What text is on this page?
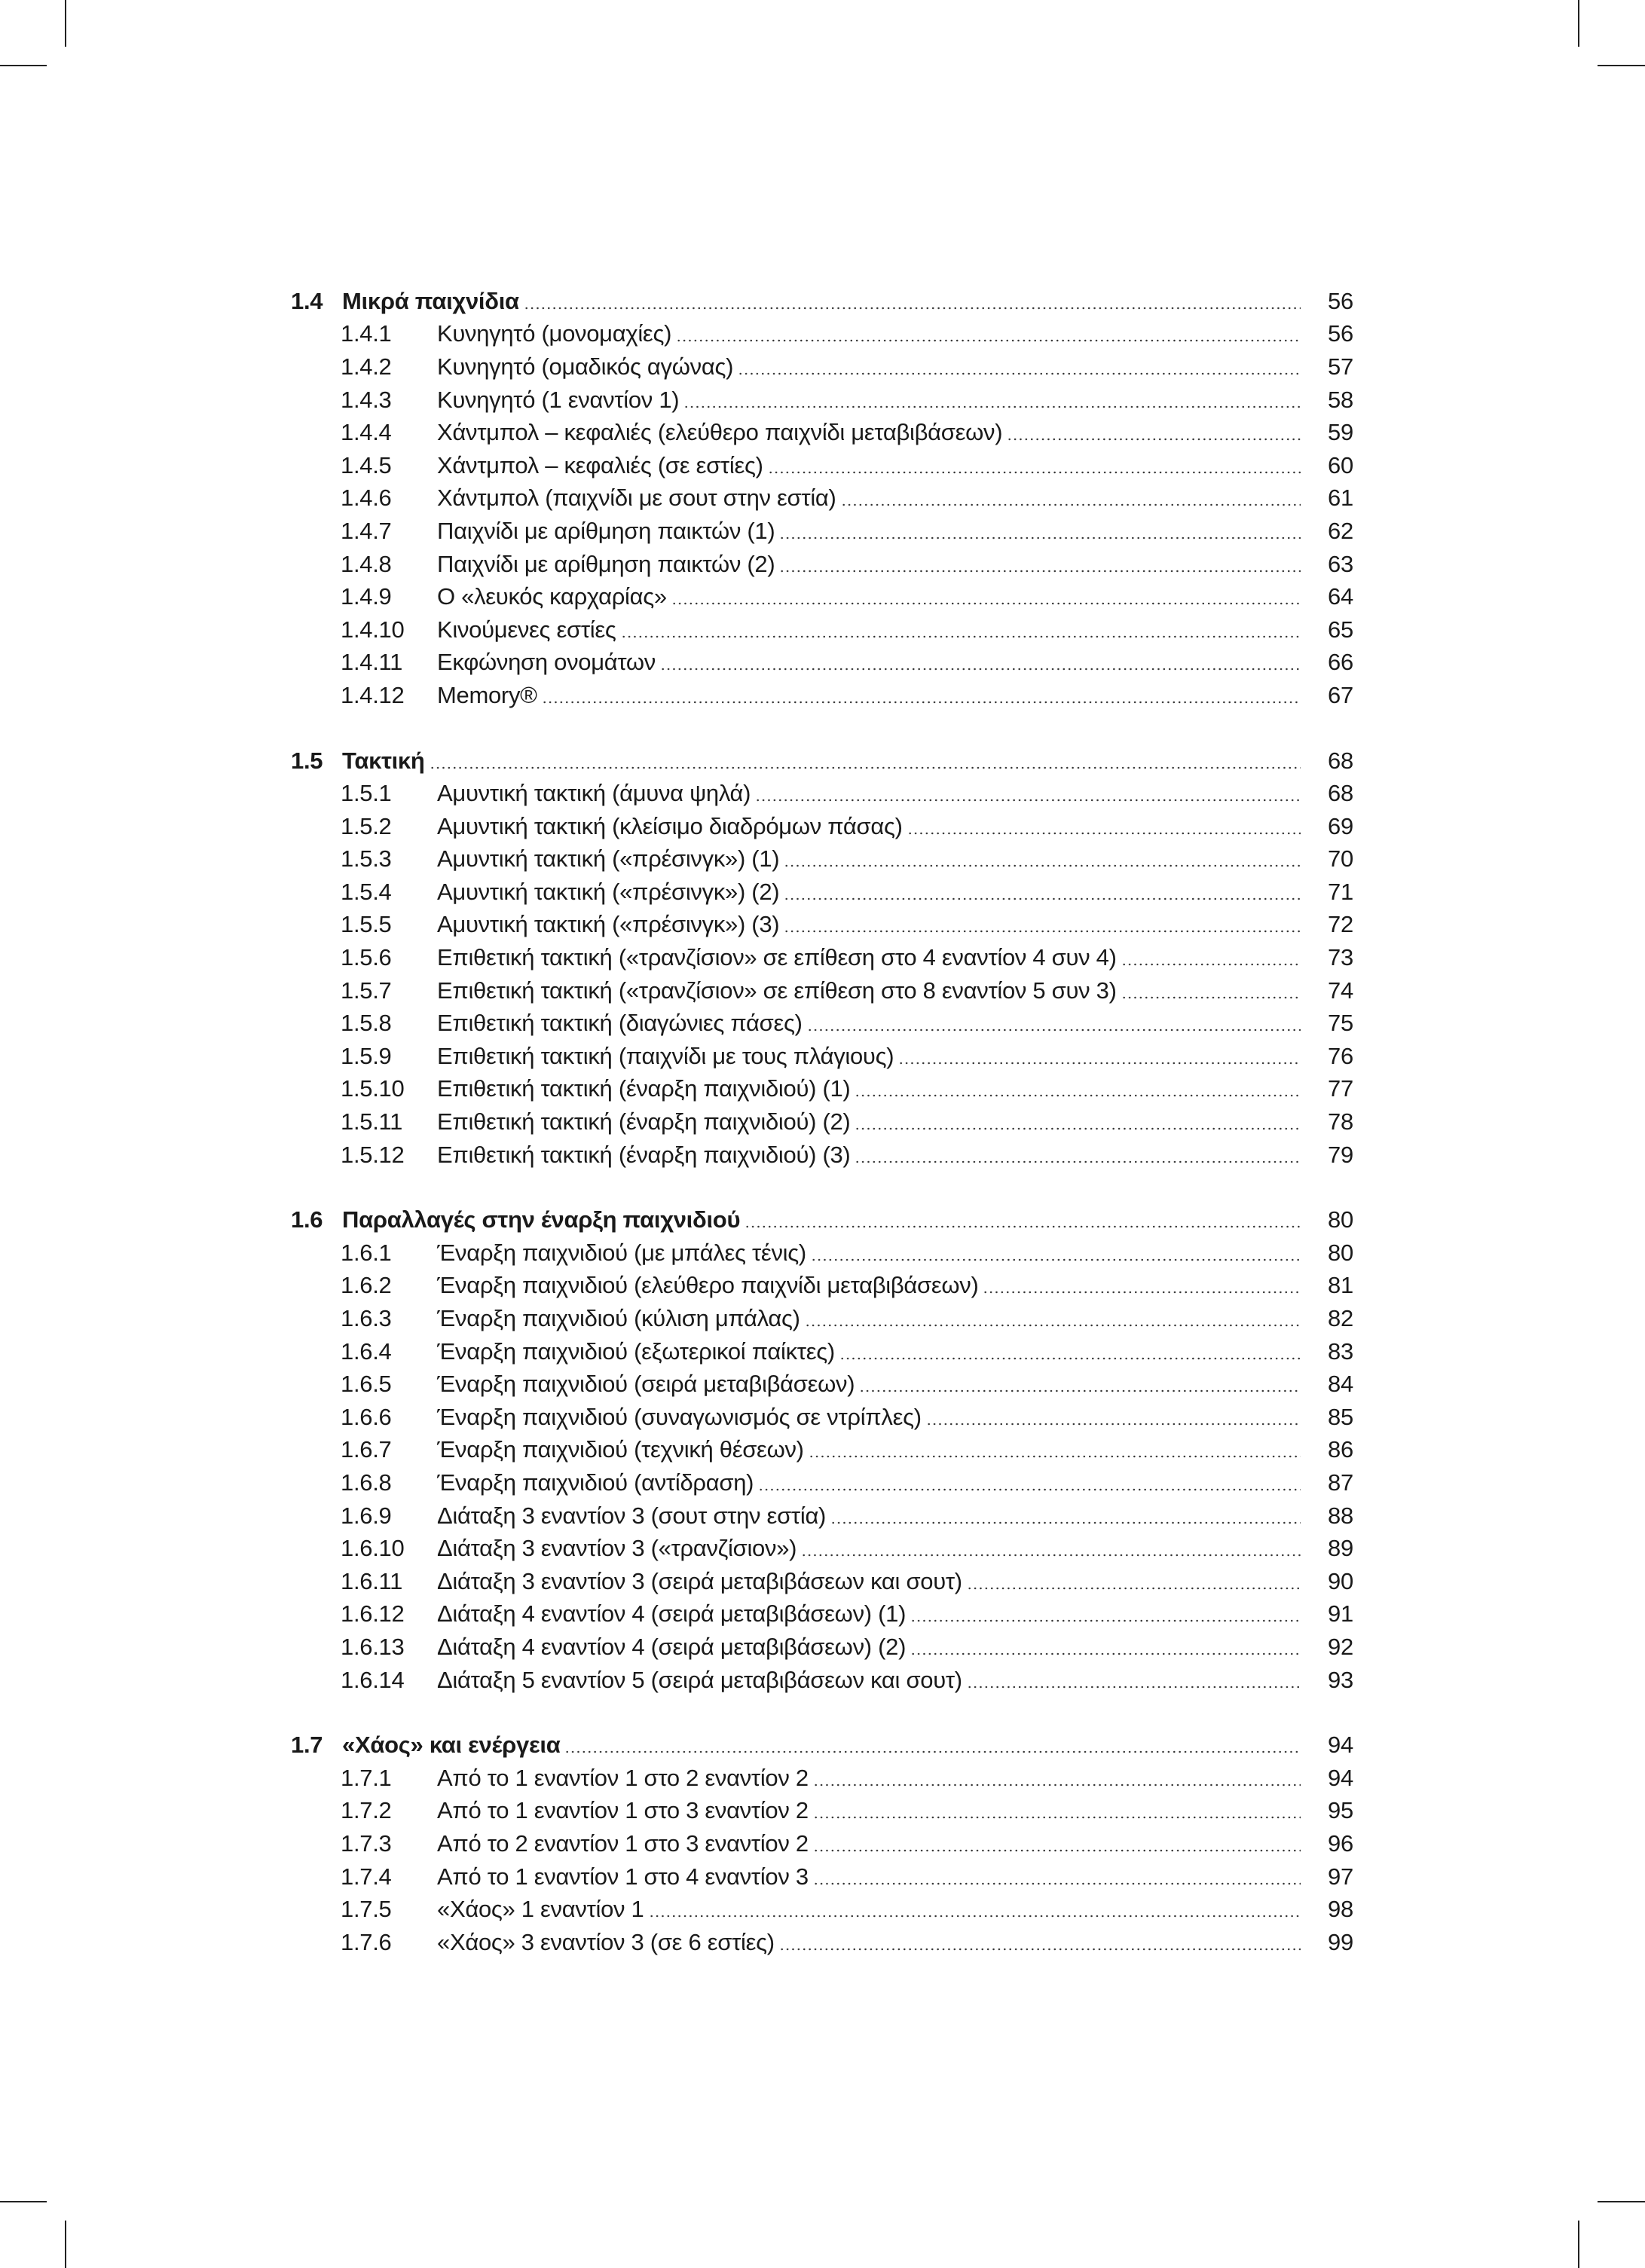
1.4 Μικρά παιχνίδια	56
1.4.1	Κυνηγητό (μονομαχίες)	56
1.4.2	Κυνηγητό (ομαδικός αγώνας)	57
1.4.3	Κυνηγητό (1 εναντίον 1)	58
1.4.4	Χάντμπολ – κεφαλιές (ελεύθερο παιχνίδι μεταβιβάσεων)	59
1.4.5	Χάντμπολ – κεφαλιές (σε εστίες)	60
1.4.6	Χάντμπολ (παιχνίδι με σουτ στην εστία)	61
1.4.7	Παιχνίδι με αρίθμηση παικτών (1)	62
1.4.8	Παιχνίδι με αρίθμηση παικτών (2)	63
1.4.9	Ο «λευκός καρχαρίας»	64
1.4.10	Κινούμενες εστίες	65
1.4.11	Εκφώνηση ονομάτων	66
1.4.12	Memory®	67
1.5 Τακτική	68
1.5.1	Αμυντική τακτική (άμυνα ψηλά)	68
1.5.2	Αμυντική τακτική (κλείσιμο διαδρόμων πάσας)	69
1.5.3	Αμυντική τακτική («πρέσινγκ») (1)	70
1.5.4	Αμυντική τακτική («πρέσινγκ») (2)	71
1.5.5	Αμυντική τακτική («πρέσινγκ») (3)	72
1.5.6	Επιθετική τακτική («τρανζίσιον» σε επίθεση στο 4 εναντίον 4 συν 4)	73
1.5.7	Επιθετική τακτική («τρανζίσιον» σε επίθεση στο 8 εναντίον 5 συν 3)	74
1.5.8	Επιθετική τακτική (διαγώνιες πάσες)	75
1.5.9	Επιθετική τακτική (παιχνίδι με τους πλάγιους)	76
1.5.10	Επιθετική τακτική (έναρξη παιχνιδιού) (1)	77
1.5.11	Επιθετική τακτική (έναρξη παιχνιδιού) (2)	78
1.5.12	Επιθετική τακτική (έναρξη παιχνιδιού) (3)	79
1.6 Παραλλαγές στην έναρξη παιχνιδιού	80
1.6.1	Έναρξη παιχνιδιού (με μπάλες τένις)	80
1.6.2	Έναρξη παιχνιδιού (ελεύθερο παιχνίδι μεταβιβάσεων)	81
1.6.3	Έναρξη παιχνιδιού (κύλιση μπάλας)	82
1.6.4	Έναρξη παιχνιδιού (εξωτερικοί παίκτες)	83
1.6.5	Έναρξη παιχνιδιού (σειρά μεταβιβάσεων)	84
1.6.6	Έναρξη παιχνιδιού (συναγωνισμός σε ντρίπλες)	85
1.6.7	Έναρξη παιχνιδιού (τεχνική θέσεων)	86
1.6.8	Έναρξη παιχνιδιού (αντίδραση)	87
1.6.9	Διάταξη 3 εναντίον 3 (σουτ στην εστία)	88
1.6.10	Διάταξη 3 εναντίον 3 («τρανζίσιον»)	89
1.6.11	Διάταξη 3 εναντίον 3 (σειρά μεταβιβάσεων και σουτ)	90
1.6.12	Διάταξη 4 εναντίον 4 (σειρά μεταβιβάσεων) (1)	91
1.6.13	Διάταξη 4 εναντίον 4 (σειρά μεταβιβάσεων) (2)	92
1.6.14	Διάταξη 5 εναντίον 5 (σειρά μεταβιβάσεων και σουτ)	93
1.7 «Χάος» και ενέργεια	94
1.7.1	Από το 1 εναντίον 1 στο 2 εναντίον 2	94
1.7.2	Από το 1 εναντίον 1 στο 3 εναντίον 2	95
1.7.3	Από το 2 εναντίον 1 στο 3 εναντίον 2	96
1.7.4	Από το 1 εναντίον 1 στο 4 εναντίον 3	97
1.7.5	«Χάος» 1 εναντίον 1	98
1.7.6	«Χάος» 3 εναντίον 3 (σε 6 εστίες)	99
